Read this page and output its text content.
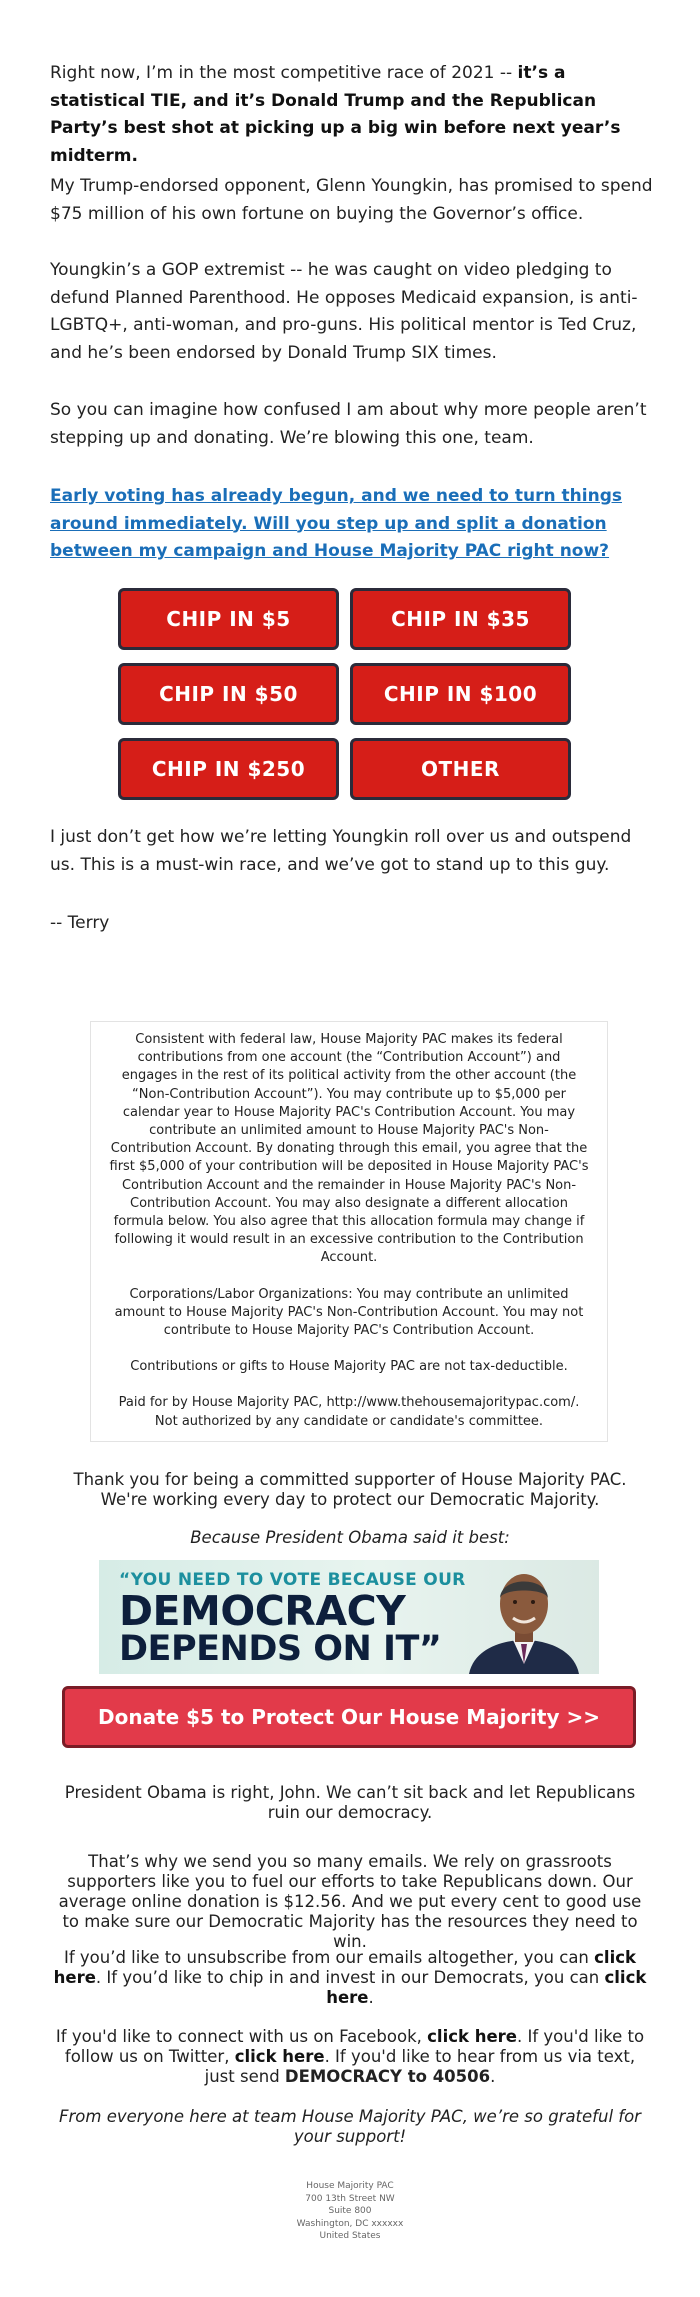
Right now, I’m in the most competitive race of 2021 -- it’s a statistical TIE, and it’s Donald Trump and the Republican Party’s best shot at picking up a big win before next year’s midterm.

My Trump-endorsed opponent, Glenn Youngkin, has promised to spend $75 million of his own fortune on buying the Governor’s office.

Youngkin’s a GOP extremist -- he was caught on video pledging to defund Planned Parenthood. He opposes Medicaid expansion, is anti-LGBTQ+, anti-woman, and pro-guns. His political mentor is Ted Cruz, and he’s been endorsed by Donald Trump SIX times.

So you can imagine how confused I am about why more people aren’t stepping up and donating. We’re blowing this one, team.

Early voting has already begun, and we need to turn things around immediately. Will you step up and split a donation between my campaign and House Majority PAC right now?

CHIP IN $5	CHIP IN $35
CHIP IN $50	CHIP IN $100
CHIP IN $250	OTHER

I just don’t get how we’re letting Youngkin roll over us and outspend us. This is a must-win race, and we’ve got to stand up to this guy.

-- Terry

Consistent with federal law, House Majority PAC makes its federal contributions from one account (the “Contribution Account”) and engages in the rest of its political activity from the other account (the “Non-Contribution Account”). You may contribute up to $5,000 per calendar year to House Majority PAC's Contribution Account. You may contribute an unlimited amount to House Majority PAC's Non-Contribution Account. By donating through this email, you agree that the first $5,000 of your contribution will be deposited in House Majority PAC's Contribution Account and the remainder in House Majority PAC's Non-Contribution Account. You may also designate a different allocation formula below. You also agree that this allocation formula may change if following it would result in an excessive contribution to the Contribution Account.

Corporations/Labor Organizations: You may contribute an unlimited amount to House Majority PAC's Non-Contribution Account. You may not contribute to House Majority PAC's Contribution Account.

Contributions or gifts to House Majority PAC are not tax-deductible.

Paid for by House Majority PAC, http://www.thehousemajoritypac.com/. Not authorized by any candidate or candidate's committee.

Thank you for being a committed supporter of House Majority PAC. We're working every day to protect our Democratic Majority.

Because President Obama said it best:

“YOU NEED TO VOTE BECAUSE OUR
DEMOCRACY
DEPENDS ON IT”
Donate $5 to Protect Our House Majority >>

President Obama is right, John. We can’t sit back and let Republicans ruin our democracy.

That’s why we send you so many emails. We rely on grassroots supporters like you to fuel our efforts to take Republicans down. Our average online donation is $12.56. And we put every cent to good use to make sure our Democratic Majority has the resources they need to win.

If you’d like to unsubscribe from our emails altogether, you can click here. If you’d like to chip in and invest in our Democrats, you can click here.

If you'd like to connect with us on Facebook, click here. If you'd like to follow us on Twitter, click here. If you'd like to hear from us via text, just send DEMOCRACY to 40506.

From everyone here at team House Majority PAC, we’re so grateful for your support!

House Majority PAC
700 13th Street NW
Suite 800
Washington, DC xxxxxx
United States
